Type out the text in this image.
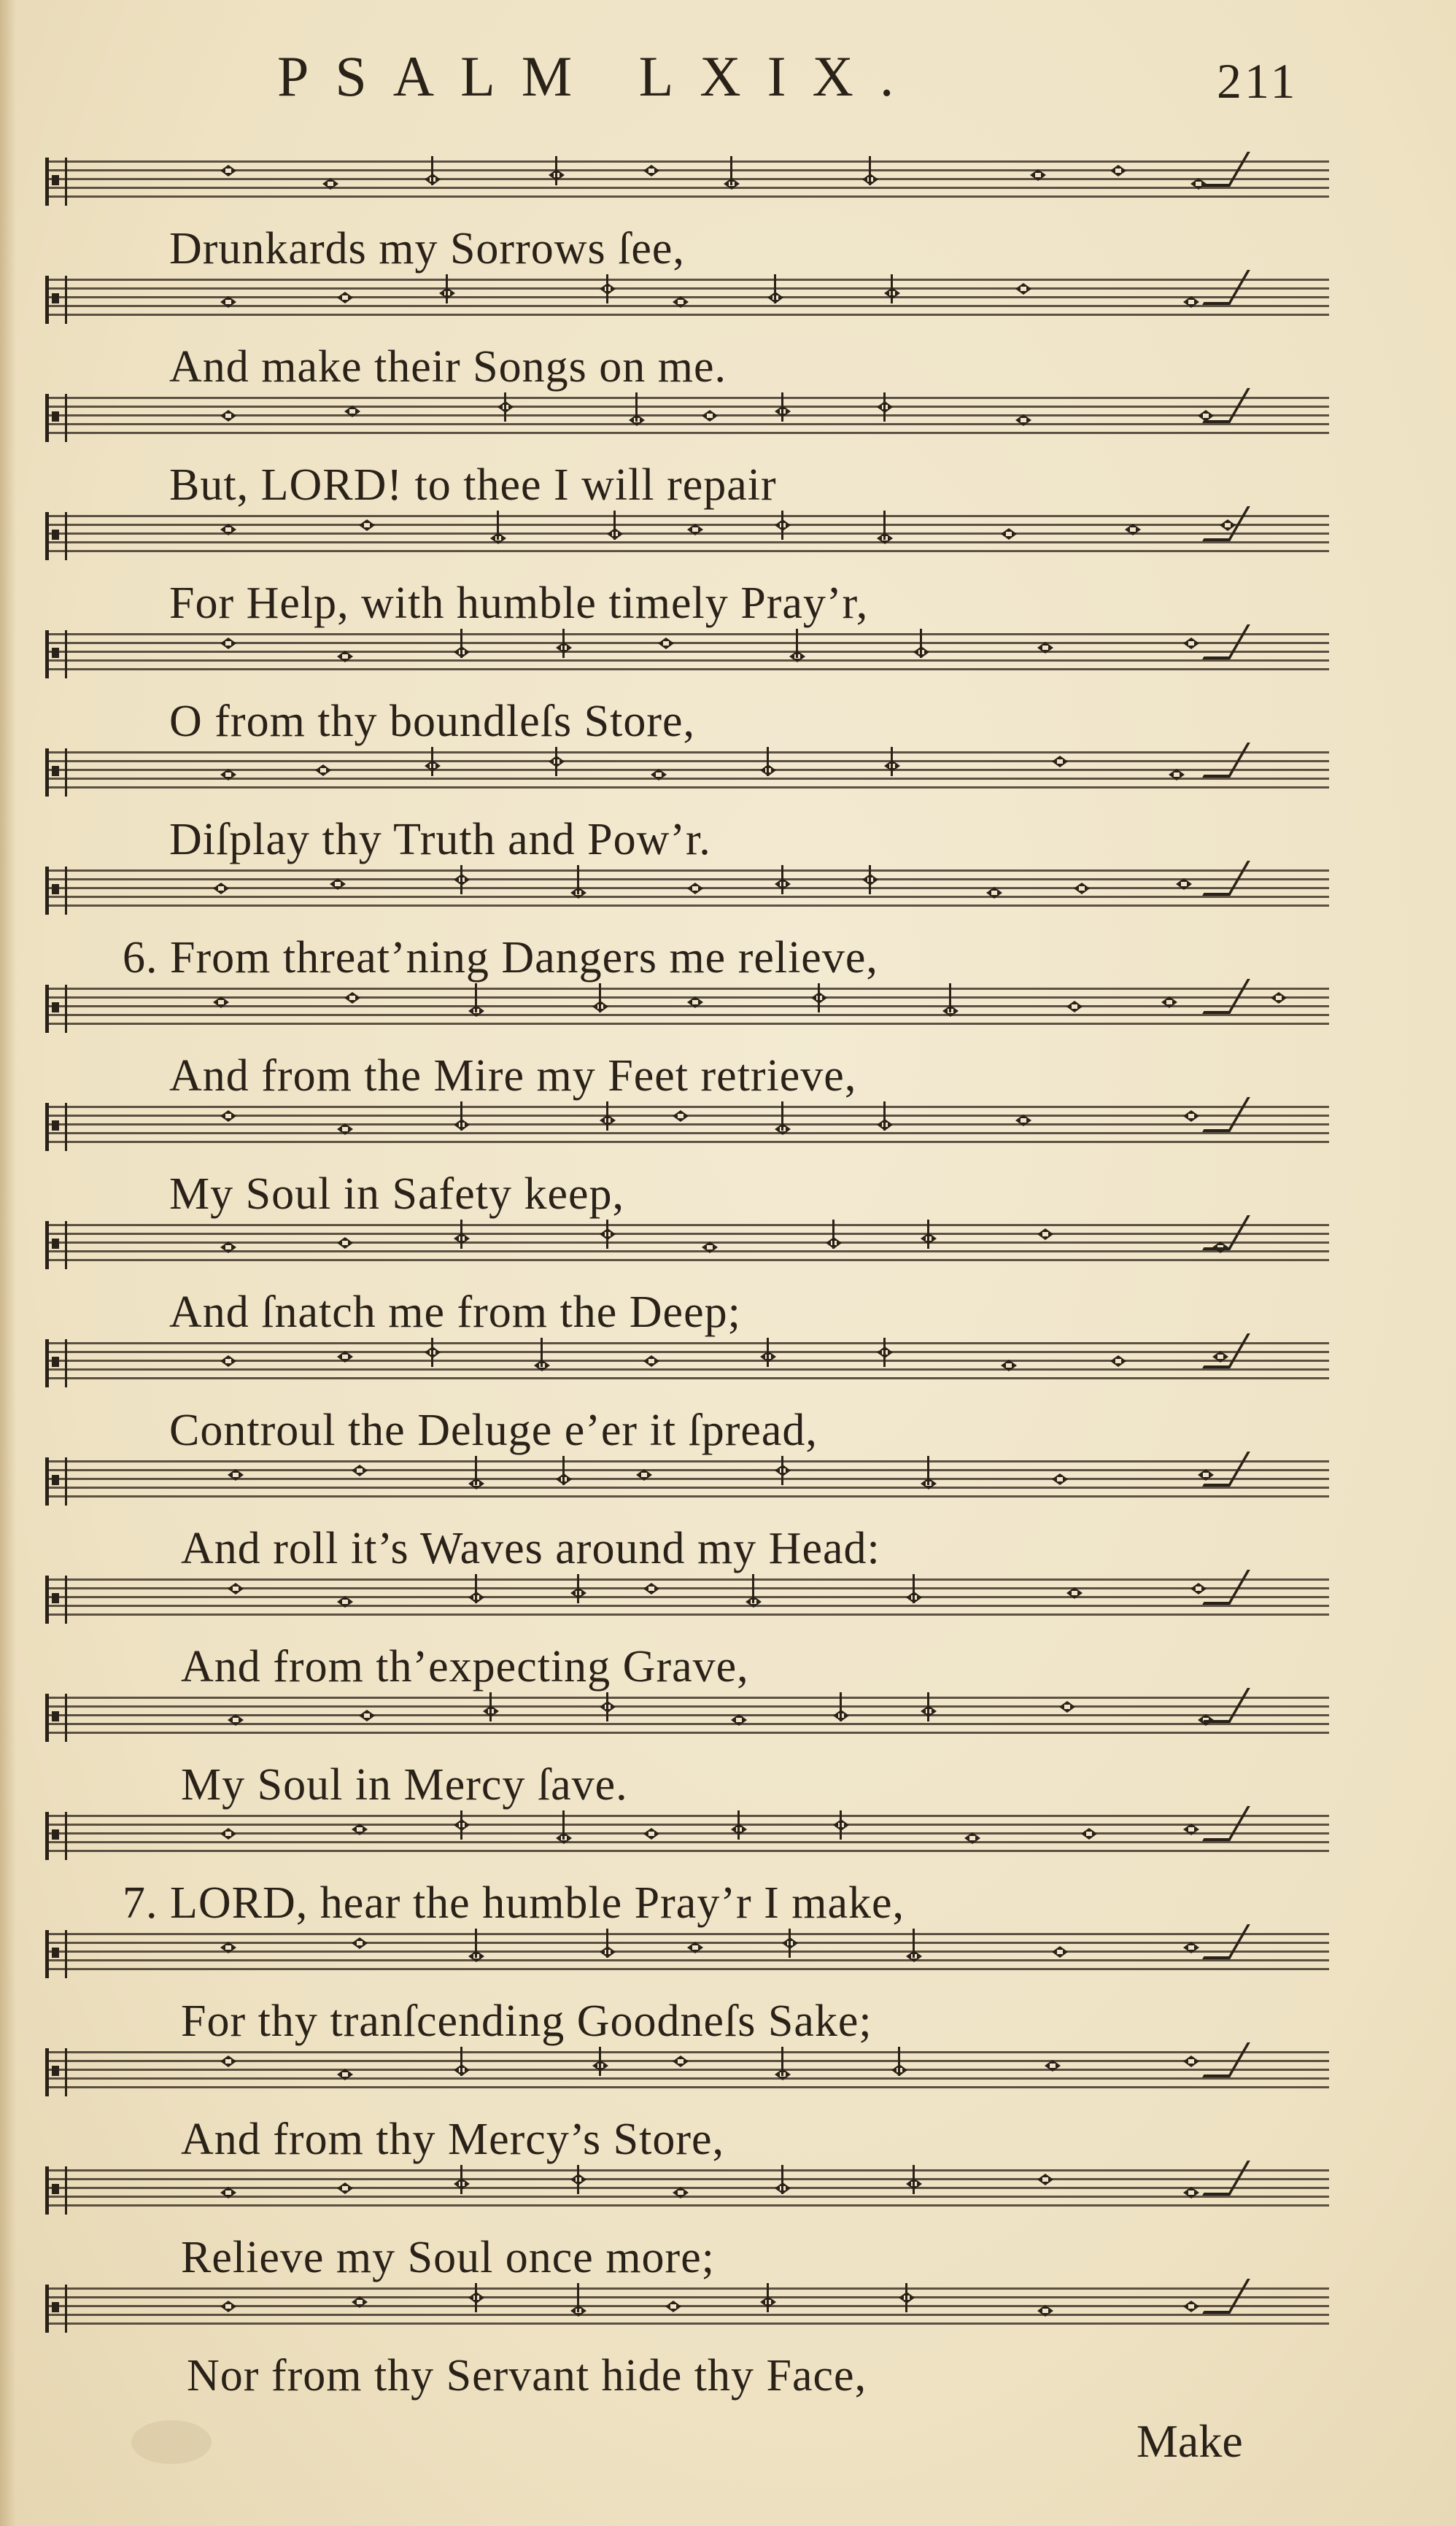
PSALM LXIX.	211
Drunkards my Sorrows ſee,
And make their Songs on me.
But, LORD! to thee I will repair
For Help, with humble timely Pray’r,
O from thy boundleſs Store,
Diſplay thy Truth and Pow’r.
6. From threat’ning Dangers me relieve,
And from the Mire my Feet retrieve,
My Soul in Safety keep,
And ſnatch me from the Deep;
Controul the Deluge e’er it ſpread,
And roll it’s Waves around my Head:
And from th’expecting Grave,
My Soul in Mercy ſave.
7. LORD, hear the humble Pray’r I make,
For thy tranſcending Goodneſs Sake;
And from thy Mercy’s Store,
Relieve my Soul once more;
Nor from thy Servant hide thy Face,
Make
